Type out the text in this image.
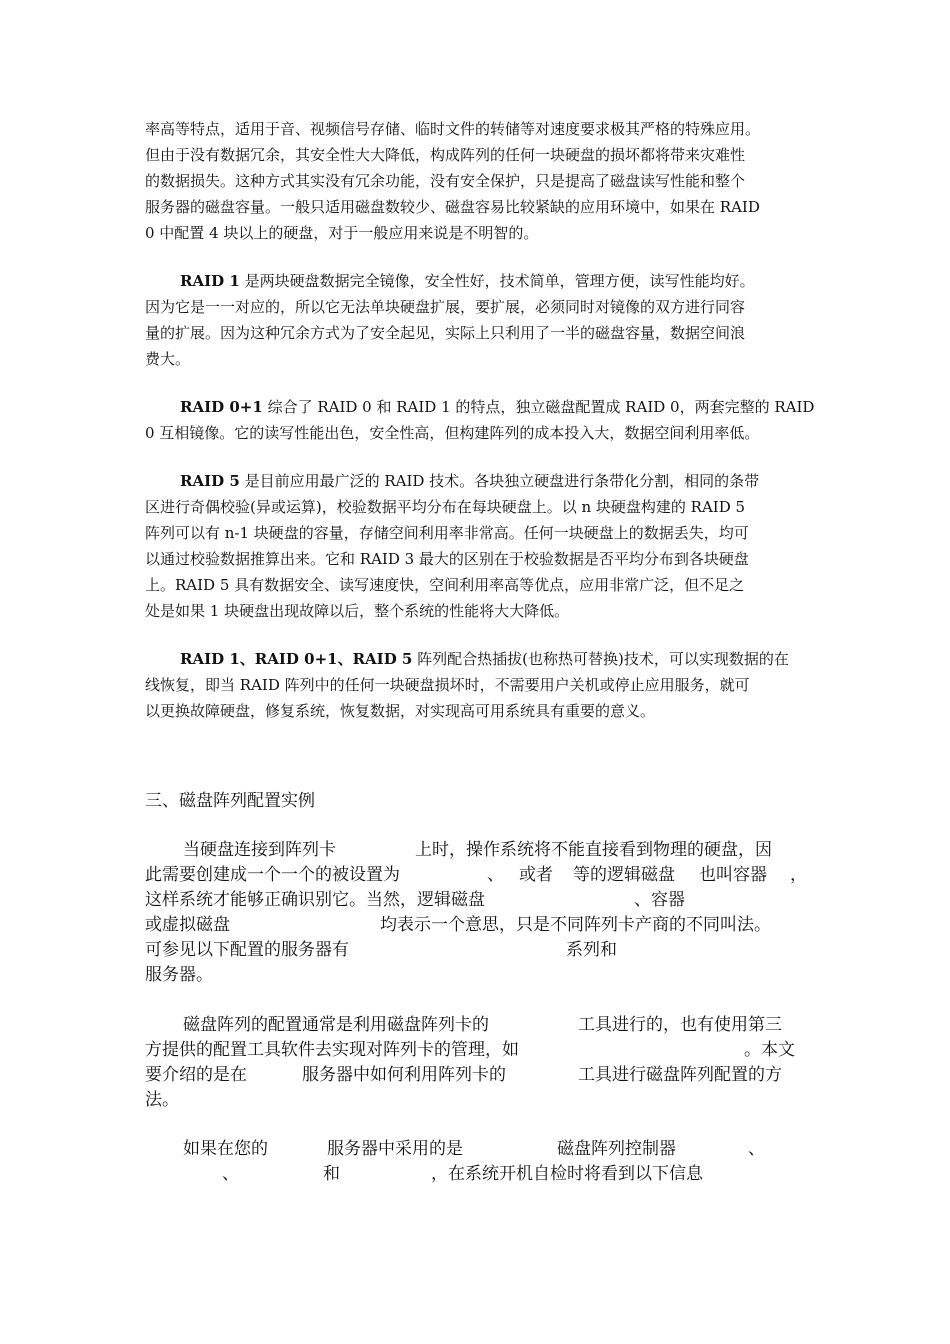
率高等特点，适用于音、视频信号存储、临时文件的转储等对速度要求极其严格的特殊应用。
但由于没有数据冗余，其安全性大大降低，构成阵列的任何一块硬盘的损坏都将带来灾难性
的数据损失。这种方式其实没有冗余功能，没有安全保护，只是提高了磁盘读写性能和整个
服务器的磁盘容量。一般只适用磁盘数较少、磁盘容易比较紧缺的应用环境中，如果在 RAID
0 中配置 4 块以上的硬盘，对于一般应用来说是不明智的。
RAID 1 是两块硬盘数据完全镜像，安全性好，技术简单，管理方便，读写性能均好。
因为它是一一对应的，所以它无法单块硬盘扩展，要扩展，必须同时对镜像的双方进行同容
量的扩展。因为这种冗余方式为了安全起见，实际上只利用了一半的磁盘容量，数据空间浪
费大。
RAID 0+1 综合了 RAID 0 和 RAID 1 的特点，独立磁盘配置成 RAID 0，两套完整的 RAID
0 互相镜像。它的读写性能出色，安全性高，但构建阵列的成本投入大，数据空间利用率低。
RAID 5 是目前应用最广泛的 RAID 技术。各块独立硬盘进行条带化分割，相同的条带
区进行奇偶校验(异或运算)，校验数据平均分布在每块硬盘上。以 n 块硬盘构建的 RAID 5
阵列可以有 n-1 块硬盘的容量，存储空间利用率非常高。任何一块硬盘上的数据丢失，均可
以通过校验数据推算出来。它和 RAID 3 最大的区别在于校验数据是否平均分布到各块硬盘
上。RAID 5 具有数据安全、读写速度快，空间利用率高等优点，应用非常广泛，但不足之
处是如果 1 块硬盘出现故障以后，整个系统的性能将大大降低。
RAID 1、RAID 0+1、RAID 5 阵列配合热插拔(也称热可替换)技术，可以实现数据的在
线恢复，即当 RAID 阵列中的任何一块硬盘损坏时，不需要用户关机或停止应用服务，就可
以更换故障硬盘，修复系统，恢复数据，对实现高可用系统具有重要的意义。
三、磁盘阵列配置实例
当硬盘连接到阵列卡	上时，操作系统将不能直接看到物理的硬盘，因
此需要创建成一个一个的被设置为	、 或者 等的逻辑磁盘 也叫容器 ，
这样系统才能够正确识别它。当然，逻辑磁盘	、容器
或虚拟磁盘	均表示一个意思，只是不同阵列卡产商的不同叫法。
可参见以下配置的服务器有	系列和
服务器。
磁盘阵列的配置通常是利用磁盘阵列卡的	工具进行的，也有使用第三
方提供的配置工具软件去实现对阵列卡的管理，如	。本文
要介绍的是在	服务器中如何利用阵列卡的	工具进行磁盘阵列配置的方
法。
如果在您的	服务器中采用的是	磁盘阵列控制器	、
、	和	，在系统开机自检时将看到以下信息
